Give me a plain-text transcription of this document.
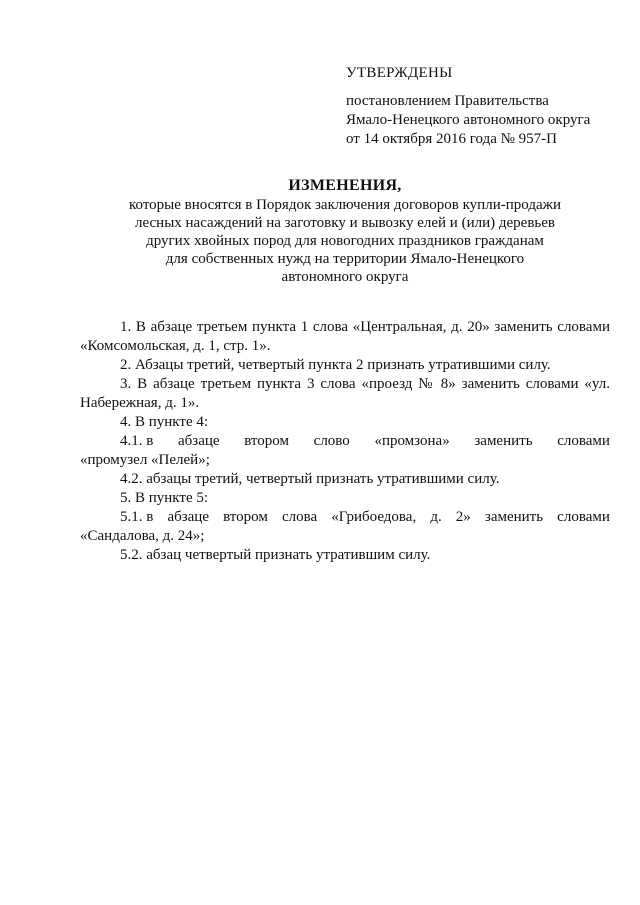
УТВЕРЖДЕНЫ
постановлением Правительства
Ямало-Ненецкого автономного округа
от 14 октября 2016 года № 957-П
ИЗМЕНЕНИЯ,
которые вносятся в Порядок заключения договоров купли-продажи
лесных насаждений на заготовку и вывозку елей и (или) деревьев
других хвойных пород для новогодних праздников гражданам
для собственных нужд на территории Ямало-Ненецкого
автономного округа

1. В абзаце третьем пункта 1 слова «Центральная, д. 20» заменить словами «Комсомольская, д. 1, стр. 1».

2. Абзацы третий, четвертый пункта 2 признать утратившими силу.

3. В абзаце третьем пункта 3 слова «проезд № 8» заменить словами «ул. Набережная, д. 1».

4. В пункте 4:

4.1. в абзаце втором слово «промзона» заменить словами

«промузел «Пелей»;

4.2. абзацы третий, четвертый признать утратившими силу.

5. В пункте 5:

5.1. в абзаце втором слова «Грибоедова, д. 2» заменить словами

«Сандалова, д. 24»;

5.2. абзац четвертый признать утратившим силу.
